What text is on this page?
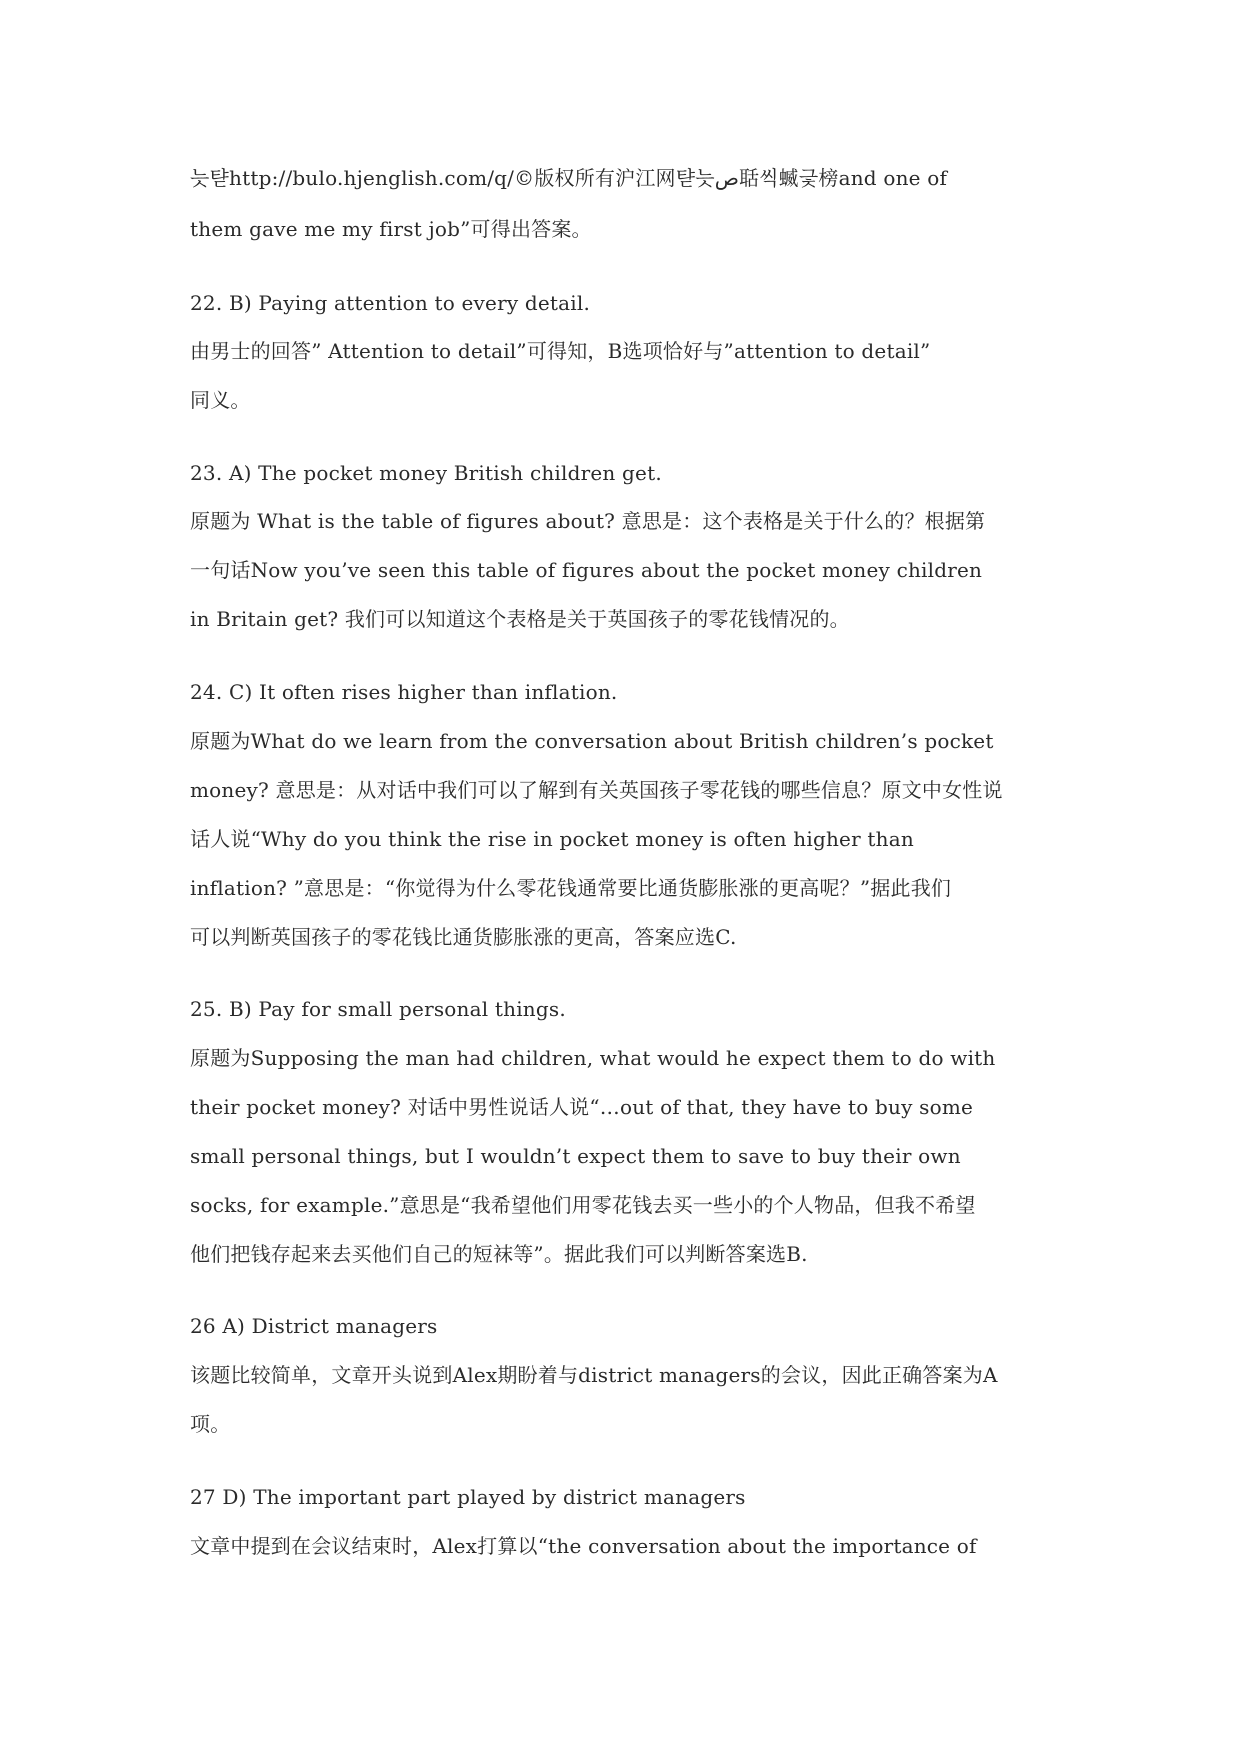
늣탿http://bulo.hjenglish.com/q/©版权所有沪江网탿늣ص聒씩蝛긏榜and one of
them gave me my first job”可得出答案。
22. B) Paying attention to every detail.
由男士的回答” Attention to detail”可得知，B选项恰好与”attention to detail”
同义。
23. A) The pocket money British children get.
原题为 What is the table of figures about? 意思是：这个表格是关于什么的？根据第
一句话Now you’ve seen this table of figures about the pocket money children
in Britain get? 我们可以知道这个表格是关于英国孩子的零花钱情况的。
24. C) It often rises higher than inflation.
原题为What do we learn from the conversation about British children’s pocket
money? 意思是：从对话中我们可以了解到有关英国孩子零花钱的哪些信息？原文中女性说
话人说“Why do you think the rise in pocket money is often higher than
inflation? ”意思是：“你觉得为什么零花钱通常要比通货膨胀涨的更高呢？”据此我们
可以判断英国孩子的零花钱比通货膨胀涨的更高，答案应选C.
25. B) Pay for small personal things.
原题为Supposing the man had children, what would he expect them to do with
their pocket money? 对话中男性说话人说“…out of that, they have to buy some
small personal things, but I wouldn’t expect them to save to buy their own
socks, for example.”意思是“我希望他们用零花钱去买一些小的个人物品，但我不希望
他们把钱存起来去买他们自己的短袜等”。据此我们可以判断答案选B.
26 A) District managers
该题比较简单，文章开头说到Alex期盼着与district managers的会议，因此正确答案为A
项。
27 D) The important part played by district managers
文章中提到在会议结束时，Alex打算以“the conversation about the importance of
